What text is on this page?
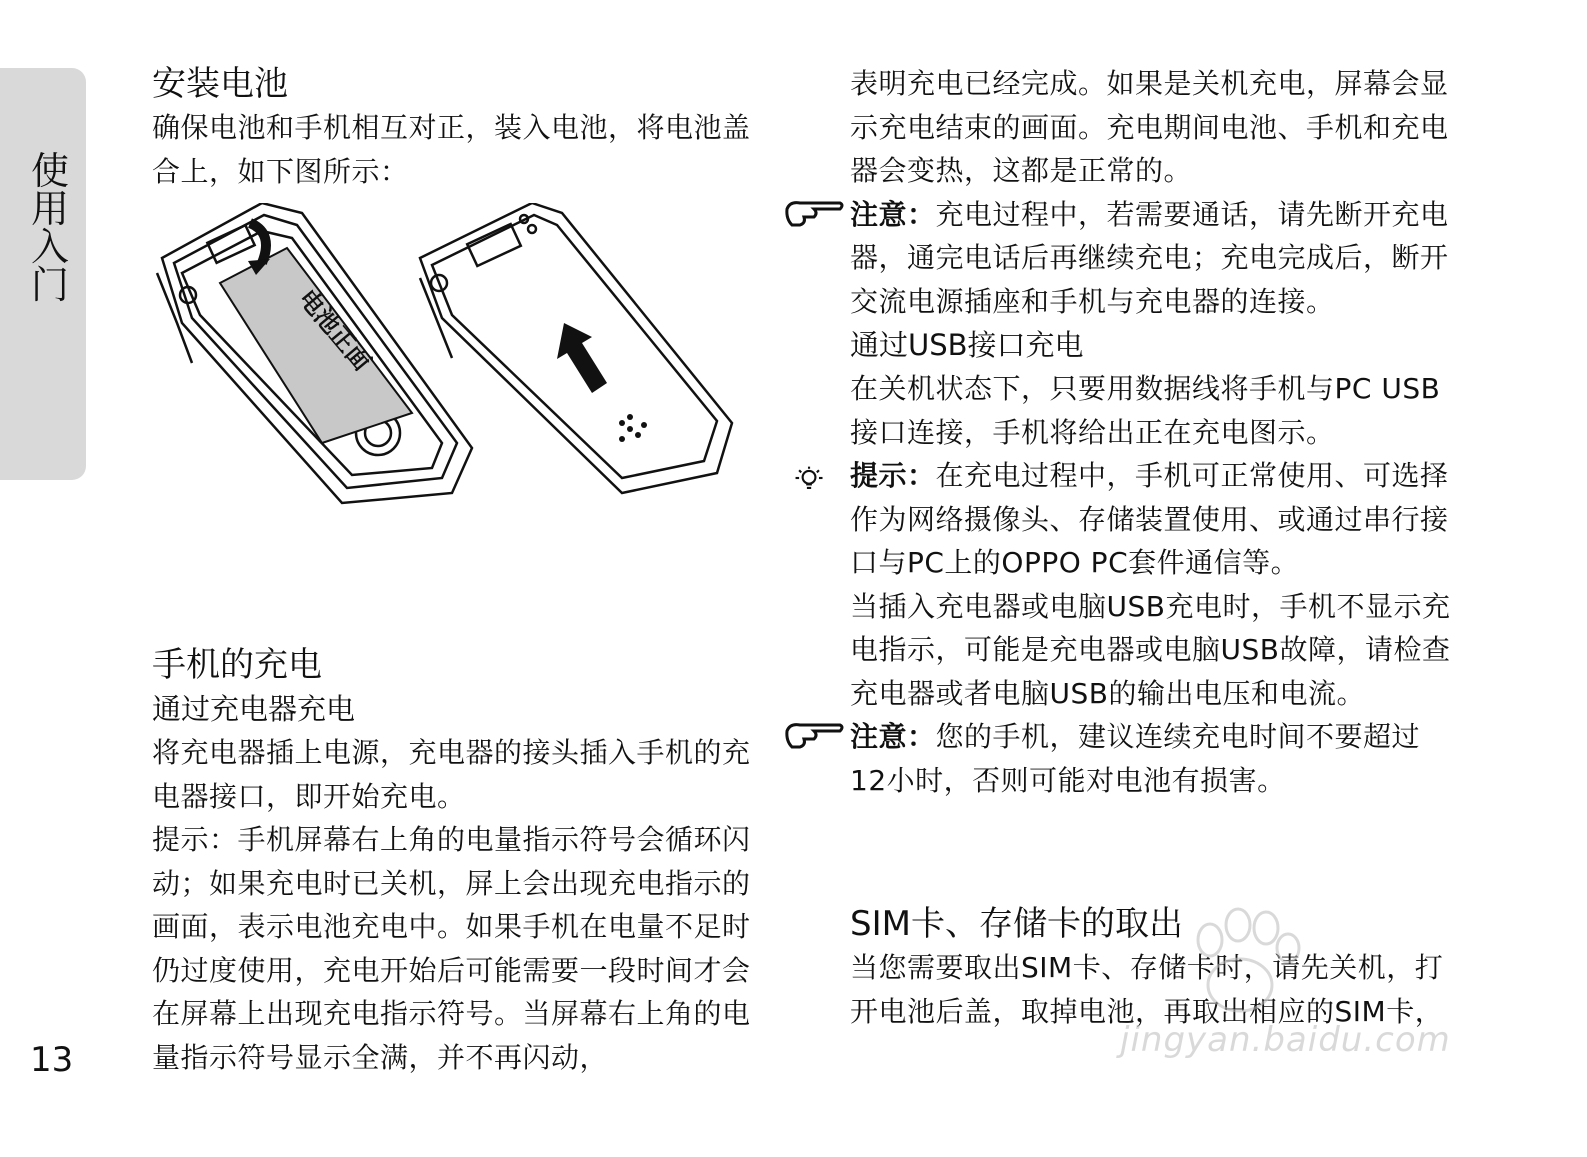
使
用
入
门
13
安装电池

确保电池和手机相互对正，装入电池，将电池盖合上，如下图所示：

电池正面
手机的充电
通过充电器充电

将充电器插上电源，充电器的接头插入手机的充电器接口，即开始充电。

提示：手机屏幕右上角的电量指示符号会循环闪动；如果充电时已关机，屏上会出现充电指示的画面，表示电池充电中。如果手机在电量不足时仍过度使用，充电开始后可能需要一段时间才会在屏幕上出现充电指示符号。当屏幕右上角的电量指示符号显示全满，并不再闪动，

表明充电已经完成。如果是关机充电，屏幕会显示充电结束的画面。充电期间电池、手机和充电器会变热，这都是正常的。

注意：充电过程中，若需要通话，请先断开充电器，通完电话后再继续充电；充电完成后，断开交流电源插座和手机与充电器的连接。

通过USB接口充电

在关机状态下，只要用数据线将手机与PC USB接口连接，手机将给出正在充电图示。

提示：在充电过程中，手机可正常使用、可选择作为网络摄像头、存储装置使用、或通过串行接口与PC上的OPPO PC套件通信等。

当插入充电器或电脑USB充电时，手机不显示充电指示，可能是充电器或电脑USB故障，请检查充电器或者电脑USB的输出电压和电流。

注意：您的手机，建议连续充电时间不要超过12小时，否则可能对电池有损害。

SIM卡、存储卡的取出

当您需要取出SIM卡、存储卡时，请先关机，打开电池后盖，取掉电池，再取出相应的SIM卡，

jingyan.baidu.com
